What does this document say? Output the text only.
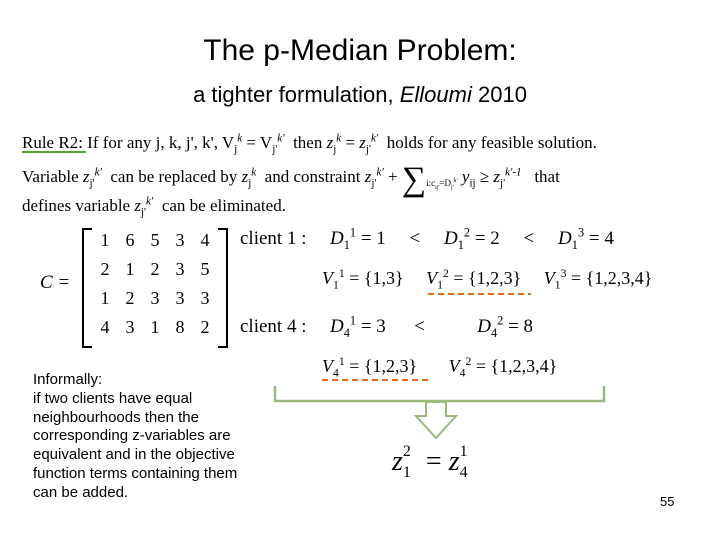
The p-Median Problem:
a tighter formulation, Elloumi 2010
Rule R2: If for any j, k, j', k', $V_j^k = V_{j'}^{k'}$ then $z_j^k = z_{j'}^{k'}$ holds for any feasible solution.
Variable $z_{j'}^{k'}$ can be replaced by $z_j^k$ and constraint $z_{j'}^{k'} + \sum_{i:c_{ij'}=D_{j'}^{k'}}$ $y_{ij} \ge z_{j'}^{k'-1}$ that
defines variable $z_{j'}^{k'}$ can be eliminated.
C =
1 6 5 3 4
2 1 2 3 5
1 2 3 3 3
4 3 1 8 2
client 1 : $D_1^1 = 1$     <     $D_1^2 = 2$     <     $D_1^3 = 4$
$V_1^1 = \{1,3\}$     $V_1^2 = \{1,2,3\}$     $V_1^3 = \{1,2,3,4\}$
client 4 : $D_4^1 = 3$      <           $D_4^2 = 8$
$V_4^1 = \{1,2,3\}$       $V_4^2 = \{1,2,3,4\}$
$z^2_1 = z^1_4$
Informally:
if two clients have equal
neighbourhoods then the
corresponding z-variables are
equivalent and in the objective
function terms containing them
can be added.
55
